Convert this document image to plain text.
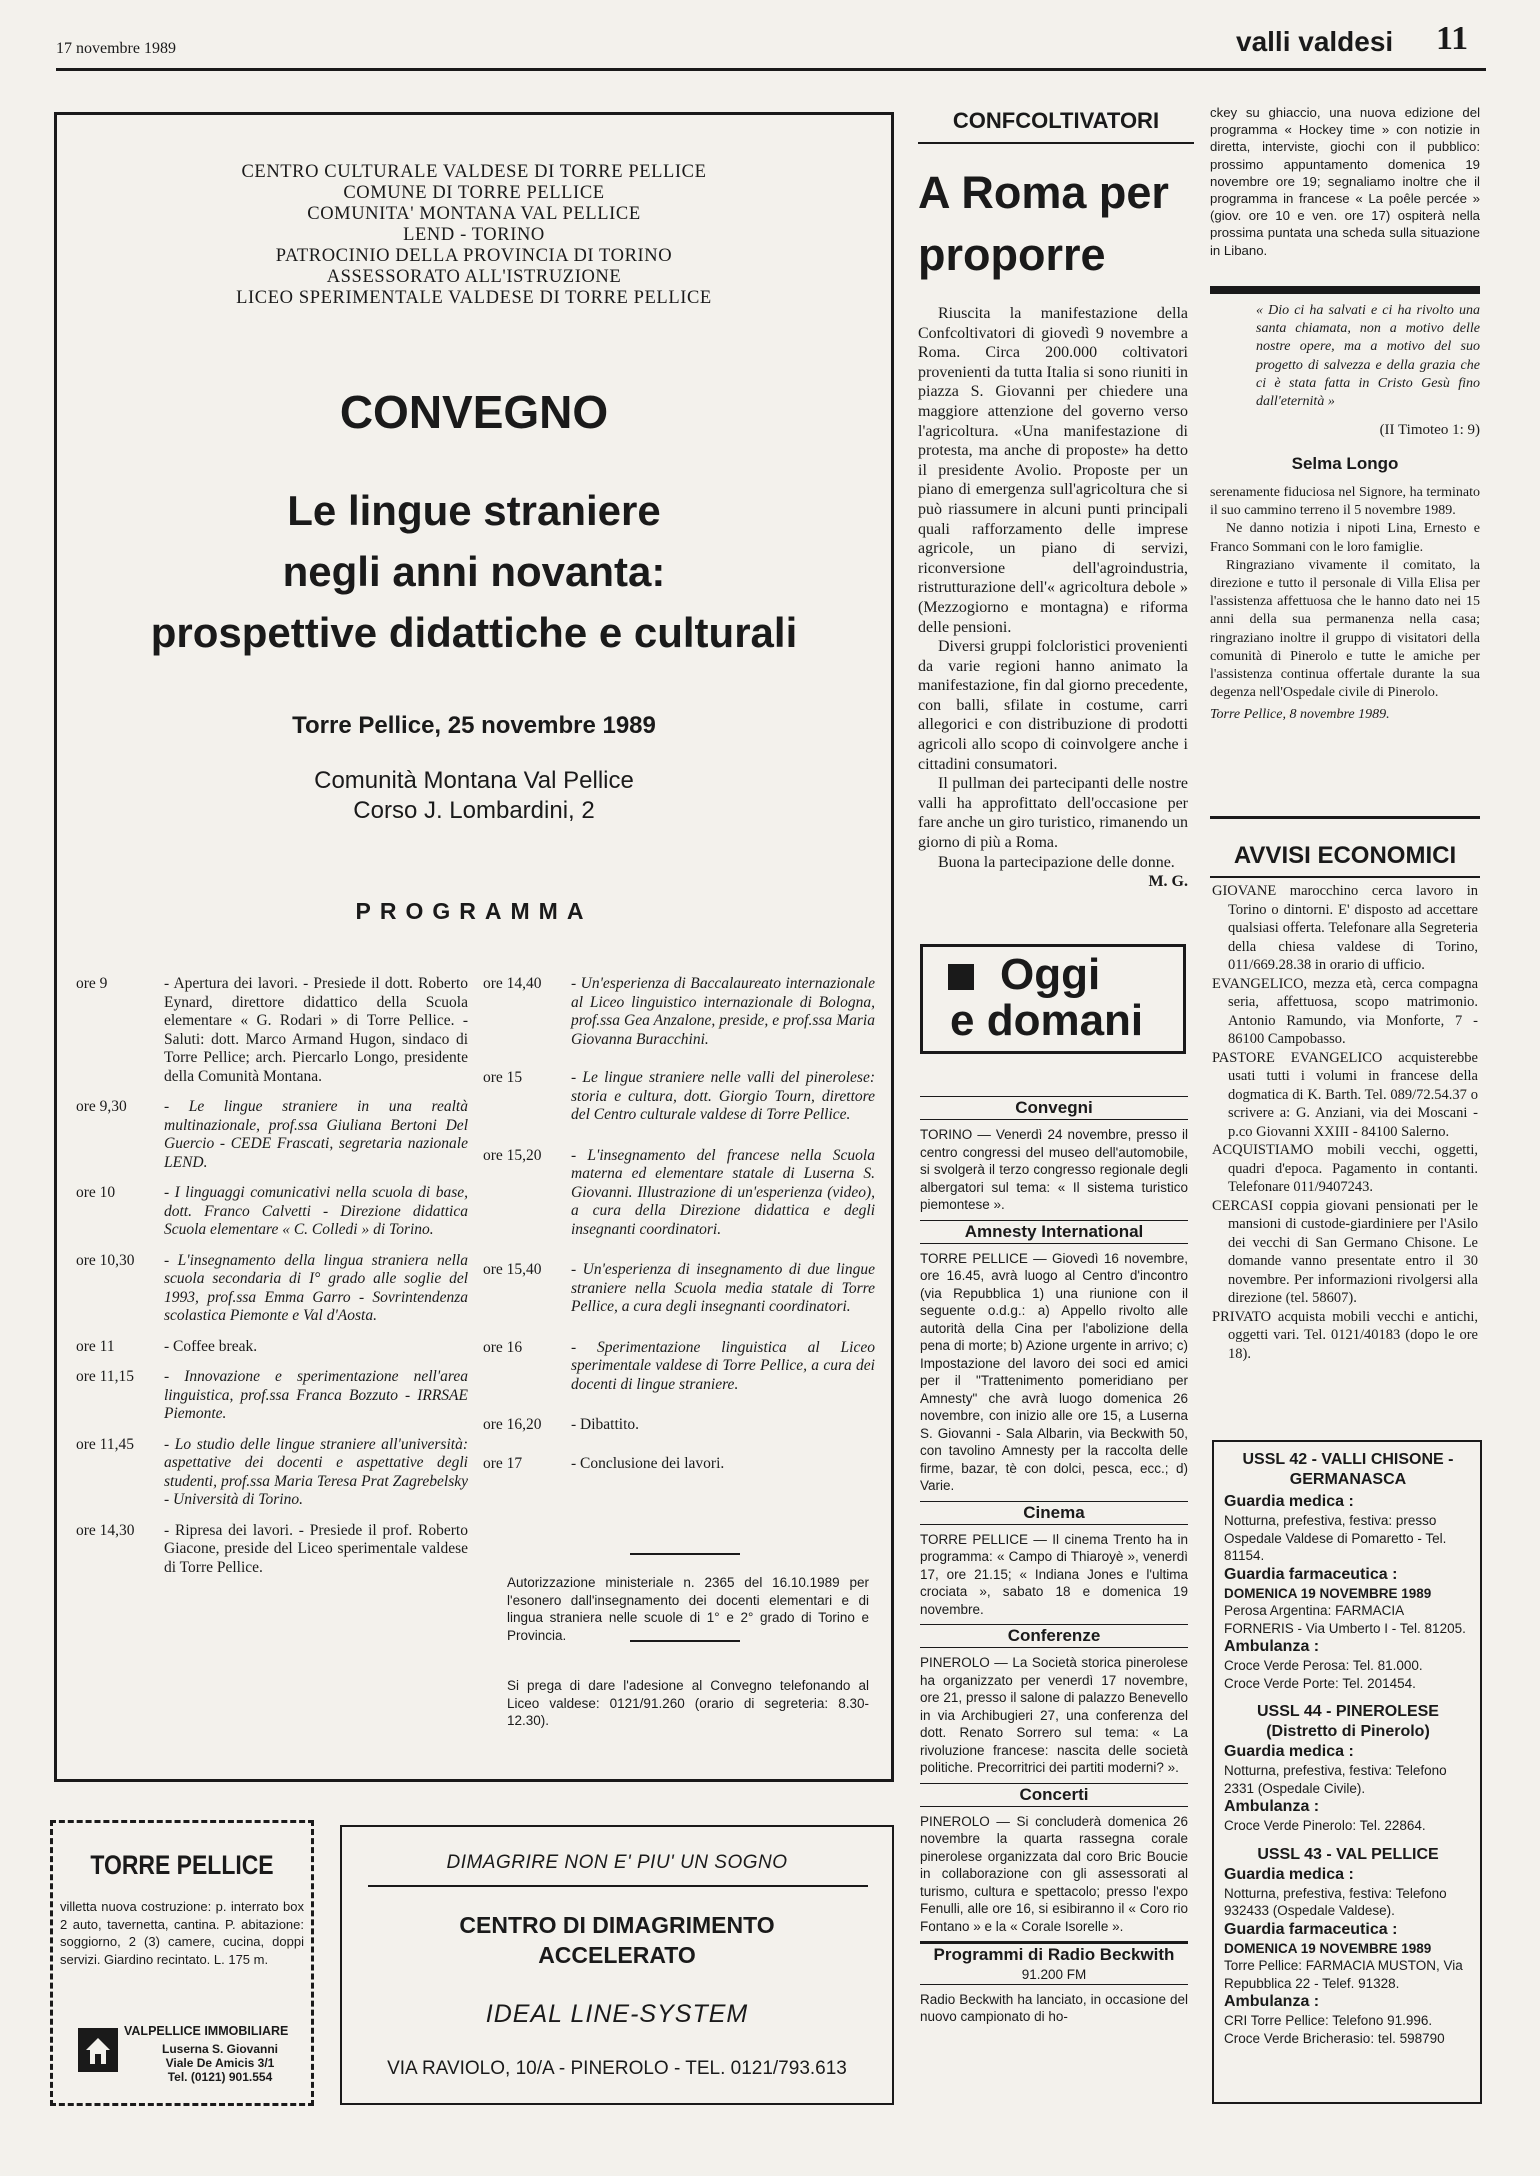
17 novembre 1989	valli valdesi 11
CENTRO CULTURALE VALDESE DI TORRE PELLICE
COMUNE DI TORRE PELLICE
COMUNITA' MONTANA VAL PELLICE
LEND - TORINO
PATROCINIO DELLA PROVINCIA DI TORINO
ASSESSORATO ALL'ISTRUZIONE
LICEO SPERIMENTALE VALDESE DI TORRE PELLICE
CONVEGNO
Le lingue straniere
negli anni novanta:
prospettive didattiche e culturali
Torre Pellice, 25 novembre 1989
Comunità Montana Val Pellice
Corso J. Lombardini, 2
PROGRAMMA
ore 9	- Apertura dei lavori. - Presiede il dott. Roberto Eynard, direttore didattico della Scuola elementare « G. Rodari » di Torre Pellice. - Saluti: dott. Marco Armand Hugon, sindaco di Torre Pellice; arch. Piercarlo Longo, presidente della Comunità Montana.
ore 9,30	- Le lingue straniere in una realtà multinazionale, prof.ssa Giuliana Bertoni Del Guercio - CEDE Frascati, segretaria nazionale LEND.
ore 10	- I linguaggi comunicativi nella scuola di base, dott. Franco Calvetti - Direzione didattica Scuola elementare « C. Colledi » di Torino.
ore 10,30	- L'insegnamento della lingua straniera nella scuola secondaria di I° grado alle soglie del 1993, prof.ssa Emma Garro - Sovrintendenza scolastica Piemonte e Val d'Aosta.
ore 11	- Coffee break.
ore 11,15	- Innovazione e sperimentazione nell'area linguistica, prof.ssa Franca Bozzuto - IRRSAE Piemonte.
ore 11,45	- Lo studio delle lingue straniere all'università: aspettative dei docenti e aspettative degli studenti, prof.ssa Maria Teresa Prat Zagrebelsky - Università di Torino.
ore 14,30	- Ripresa dei lavori. - Presiede il prof. Roberto Giacone, preside del Liceo sperimentale valdese di Torre Pellice.
ore 14,40	- Un'esperienza di Baccalaureato internazionale al Liceo linguistico internazionale di Bologna, prof.ssa Gea Anzalone, preside, e prof.ssa Maria Giovanna Buracchini.
ore 15	- Le lingue straniere nelle valli del pinerolese: storia e cultura, dott. Giorgio Tourn, direttore del Centro culturale valdese di Torre Pellice.
ore 15,20	- L'insegnamento del francese nella Scuola materna ed elementare statale di Luserna S. Giovanni. Illustrazione di un'esperienza (video), a cura della Direzione didattica e degli insegnanti coordinatori.
ore 15,40	- Un'esperienza di insegnamento di due lingue straniere nella Scuola media statale di Torre Pellice, a cura degli insegnanti coordinatori.
ore 16	- Sperimentazione linguistica al Liceo sperimentale valdese di Torre Pellice, a cura dei docenti di lingue straniere.
ore 16,20	- Dibattito.
ore 17	- Conclusione dei lavori.
Autorizzazione ministeriale n. 2365 del 16.10.1989 per l'esonero dall'insegnamento dei docenti elementari e di lingua straniera nelle scuole di 1° e 2° grado di Torino e Provincia.
Si prega di dare l'adesione al Convegno telefonando al Liceo valdese: 0121/91.260 (orario di segreteria: 8.30-12.30).
TORRE PELLICE
villetta nuova costruzione: p. interrato box 2 auto, tavernetta, cantina. P. abitazione: soggiorno, 2 (3) camere, cucina, doppi servizi. Giardino recintato. L. 175 m.
VALPELLICE IMMOBILIARE
Luserna S. Giovanni
Viale De Amicis 3/1
Tel. (0121) 901.554
DIMAGRIRE NON E' PIU' UN SOGNO
CENTRO DI DIMAGRIMENTO
ACCELERATO
IDEAL LINE-SYSTEM
VIA RAVIOLO, 10/A - PINEROLO - TEL. 0121/793.613
CONFCOLTIVATORI
A Roma per
proporre

Riuscita la manifestazione della Confcoltivatori di giovedì 9 novembre a Roma. Circa 200.000 coltivatori provenienti da tutta Italia si sono riuniti in piazza S. Giovanni per chiedere una maggiore attenzione del governo verso l'agricoltura. «Una manifestazione di protesta, ma anche di proposte» ha detto il presidente Avolio. Proposte per un piano di emergenza sull'agricoltura che si può riassumere in alcuni punti principali quali rafforzamento delle imprese agricole, un piano di servizi, riconversione dell'agroindustria, ristrutturazione dell'« agricoltura debole » (Mezzogiorno e montagna) e riforma delle pensioni.

Diversi gruppi folcloristici provenienti da varie regioni hanno animato la manifestazione, fin dal giorno precedente, con balli, sfilate in costume, carri allegorici e con distribuzione di prodotti agricoli allo scopo di coinvolgere anche i cittadini consumatori.

Il pullman dei partecipanti delle nostre valli ha approfittato dell'occasione per fare anche un giro turistico, rimanendo un giorno di più a Roma.

Buona la partecipazione delle donne.

M. G.

Oggi
e domani
Convegni

TORINO — Venerdì 24 novembre, presso il centro congressi del museo dell'automobile, si svolgerà il terzo congresso regionale degli albergatori sul tema: « Il sistema turistico piemontese ».

Amnesty International

TORRE PELLICE — Giovedì 16 novembre, ore 16.45, avrà luogo al Centro d'incontro (via Repubblica 1) una riunione con il seguente o.d.g.: a) Appello rivolto alle autorità della Cina per l'abolizione della pena di morte; b) Azione urgente in arrivo; c) Impostazione del lavoro dei soci ed amici per il "Trattenimento pomeridiano per Amnesty" che avrà luogo domenica 26 novembre, con inizio alle ore 15, a Luserna S. Giovanni - Sala Albarin, via Beckwith 50, con tavolino Amnesty per la raccolta delle firme, bazar, tè con dolci, pesca, ecc.; d) Varie.

Cinema

TORRE PELLICE — Il cinema Trento ha in programma: « Campo di Thiaroyè », venerdì 17, ore 21.15; « Indiana Jones e l'ultima crociata », sabato 18 e domenica 19 novembre.

Conferenze

PINEROLO — La Società storica pinerolese ha organizzato per venerdì 17 novembre, ore 21, presso il salone di palazzo Benevello in via Archibugieri 27, una conferenza del dott. Renato Sorrero sul tema: « La rivoluzione francese: nascita delle società politiche. Precorritrici dei partiti moderni? ».

Concerti

PINEROLO — Si concluderà domenica 26 novembre la quarta rassegna corale pinerolese organizzata dal coro Bric Boucie in collaborazione con gli assessorati al turismo, cultura e spettacolo; presso l'expo Fenulli, alle ore 16, si esibiranno il « Coro rio Fontano » e la « Corale Isorelle ».

Programmi di Radio Beckwith
91.200 FM

Radio Beckwith ha lanciato, in occasione del nuovo campionato di ho-

ckey su ghiaccio, una nuova edizione del programma « Hockey time » con notizie in diretta, interviste, giochi con il pubblico: prossimo appuntamento domenica 19 novembre ore 19; segnaliamo inoltre che il programma in francese « La poêle percée » (giov. ore 10 e ven. ore 17) ospiterà nella prossima puntata una scheda sulla situazione in Libano.
« Dio ci ha salvati e ci ha rivolto una santa chiamata, non a motivo delle nostre opere, ma a motivo del suo progetto di salvezza e della grazia che ci è stata fatta in Cristo Gesù fino dall'eternità »
(II Timoteo 1: 9)
Selma Longo

serenamente fiduciosa nel Signore, ha terminato il suo cammino terreno il 5 novembre 1989.

Ne danno notizia i nipoti Lina, Ernesto e Franco Sommani con le loro famiglie.

Ringraziano vivamente il comitato, la direzione e tutto il personale di Villa Elisa per l'assistenza affettuosa che le hanno dato nei 15 anni della sua permanenza nella casa; ringraziano inoltre il gruppo di visitatori della comunità di Pinerolo e tutte le amiche per l'assistenza continua offertale durante la sua degenza nell'Ospedale civile di Pinerolo.

Torre Pellice, 8 novembre 1989.

AVVISI ECONOMICI

GIOVANE marocchino cerca lavoro in Torino o dintorni. E' disposto ad accettare qualsiasi offerta. Telefonare alla Segreteria della chiesa valdese di Torino, 011/669.28.38 in orario di ufficio.

EVANGELICO, mezza età, cerca compagna seria, affettuosa, scopo matrimonio. Antonio Ramundo, via Monforte, 7 - 86100 Campobasso.

PASTORE EVANGELICO acquisterebbe usati tutti i volumi in francese della dogmatica di K. Barth. Tel. 089/72.54.37 o scrivere a: G. Anziani, via dei Moscani - p.co Giovanni XXIII - 84100 Salerno.

ACQUISTIAMO mobili vecchi, oggetti, quadri d'epoca. Pagamento in contanti. Telefonare 011/9407243.

CERCASI coppia giovani pensionati per le mansioni di custode-giardiniere per l'Asilo dei vecchi di San Germano Chisone. Le domande vanno presentate entro il 30 novembre. Per informazioni rivolgersi alla direzione (tel. 58607).

PRIVATO acquista mobili vecchi e antichi, oggetti vari. Tel. 0121/40183 (dopo le ore 18).

USSL 42 - VALLI CHISONE - GERMANASCA

Guardia medica :

Notturna, prefestiva, festiva: presso Ospedale Valdese di Pomaretto - Tel. 81154.

Guardia farmaceutica :

DOMENICA 19 NOVEMBRE 1989

Perosa Argentina: FARMACIA FORNERIS - Via Umberto I - Tel. 81205.

Ambulanza :

Croce Verde Perosa: Tel. 81.000.

Croce Verde Porte: Tel. 201454.

USSL 44 - PINEROLESE (Distretto di Pinerolo)

Guardia medica :

Notturna, prefestiva, festiva: Telefono 2331 (Ospedale Civile).

Ambulanza :

Croce Verde Pinerolo: Tel. 22864.

USSL 43 - VAL PELLICE

Guardia medica :

Notturna, prefestiva, festiva: Telefono 932433 (Ospedale Valdese).

Guardia farmaceutica :

DOMENICA 19 NOVEMBRE 1989

Torre Pellice: FARMACIA MUSTON, Via Repubblica 22 - Telef. 91328.

Ambulanza :

CRI Torre Pellice: Telefono 91.996.

Croce Verde Bricherasio: tel. 598790
